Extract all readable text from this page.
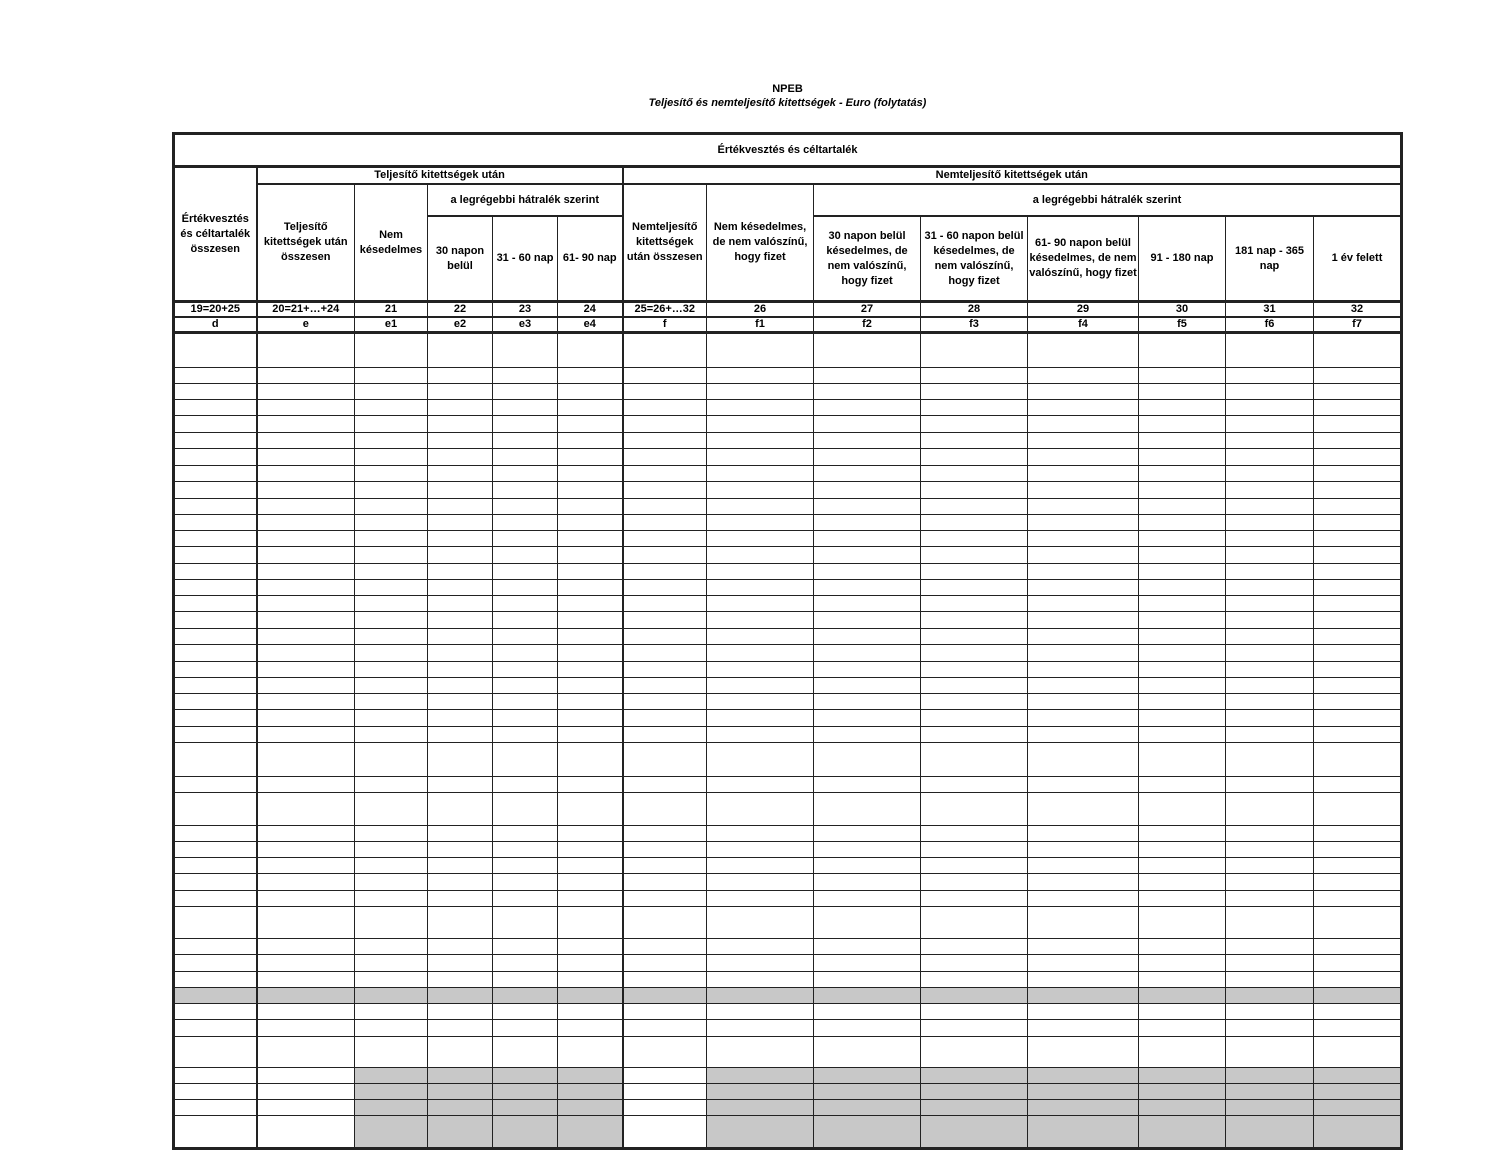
NPEB
Teljesítő és nemteljesítő kitettségek - Euro (folytatás)
Értékvesztés és céltartalék													
Értékvesztés és céltartalék összesen	Teljesítő kitettségek után					Nemteljesítő kitettségek után							
	Teljesítő kitettségek után összesen	Nem késedelmes	a legrégebbi hátralék szerint			Nemteljesítő kitettségek után összesen	Nem késedelmes, de nem valószínű, hogy fizet	a legrégebbi hátralék szerint					
			30 napon belül	31 - 60 nap	61- 90 nap			30 napon belül késedelmes, de nem valószínű, hogy fizet	31 - 60 napon belül késedelmes, de nem valószínű, hogy fizet	61- 90 napon belül késedelmes, de nem valószínű, hogy fizet	91 - 180 nap	181 nap - 365 nap	1 év felett
19=20+25	20=21+…+24	21	22	23	24	25=26+…32	26	27	28	29	30	31	32
d	e	e1	e2	e3	e4	f	f1	f2	f3	f4	f5	f6	f7
